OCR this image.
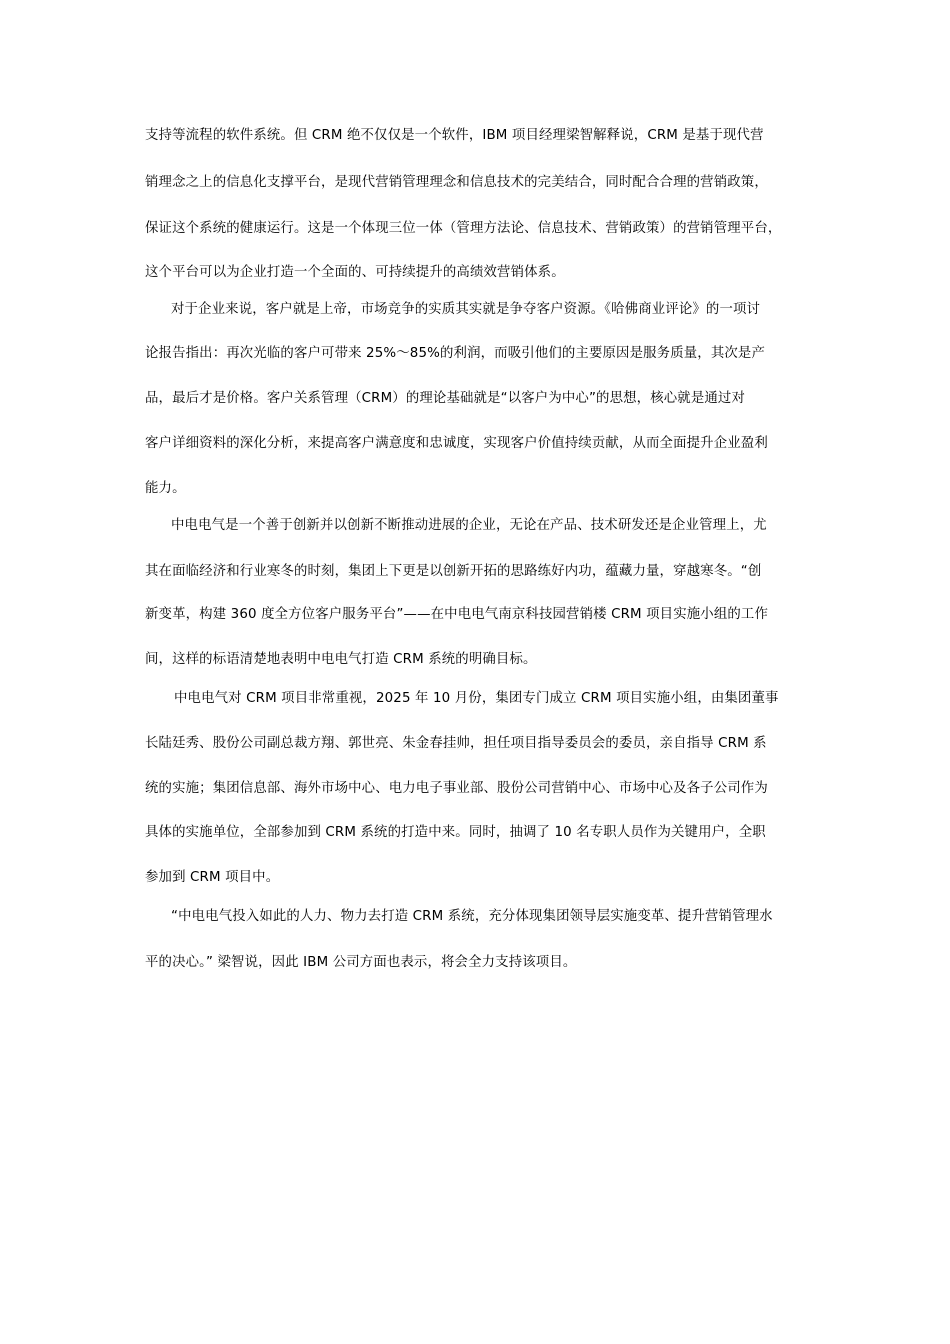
支持等流程的软件系统。但 CRM 绝不仅仅是一个软件，IBM 项目经理梁智解释说，CRM 是基于现代营
销理念之上的信息化支撑平台，是现代营销管理理念和信息技术的完美结合，同时配合合理的营销政策，
保证这个系统的健康运行。这是一个体现三位一体（管理方法论、信息技术、营销政策）的营销管理平台，
这个平台可以为企业打造一个全面的、可持续提升的高绩效营销体系。
对于企业来说，客户就是上帝，市场竞争的实质其实就是争夺客户资源。《哈佛商业评论》的一项讨
论报告指出：再次光临的客户可带来 25%～85%的利润，而吸引他们的主要原因是服务质量，其次是产
品，最后才是价格。客户关系管理（CRM）的理论基础就是“以客户为中心”的思想，核心就是通过对
客户详细资料的深化分析，来提高客户满意度和忠诚度，实现客户价值持续贡献，从而全面提升企业盈利
能力。
中电电气是一个善于创新并以创新不断推动进展的企业，无论在产品、技术研发还是企业管理上，尤
其在面临经济和行业寒冬的时刻，集团上下更是以创新开拓的思路练好内功，蕴藏力量，穿越寒冬。“创
新变革，构建 360 度全方位客户服务平台”——在中电电气南京科技园营销楼 CRM 项目实施小组的工作
间，这样的标语清楚地表明中电电气打造 CRM 系统的明确目标。
中电电气对 CRM 项目非常重视，2025 年 10 月份，集团专门成立 CRM 项目实施小组，由集团董事
长陆廷秀、股份公司副总裁方翔、郭世亮、朱金春挂帅，担任项目指导委员会的委员，亲自指导 CRM 系
统的实施；集团信息部、海外市场中心、电力电子事业部、股份公司营销中心、市场中心及各子公司作为
具体的实施单位，全部参加到 CRM 系统的打造中来。同时，抽调了 10 名专职人员作为关键用户，全职
参加到 CRM 项目中。
“中电电气投入如此的人力、物力去打造 CRM 系统，充分体现集团领导层实施变革、提升营销管理水
平的决心。” 梁智说，因此 IBM 公司方面也表示，将会全力支持该项目。
